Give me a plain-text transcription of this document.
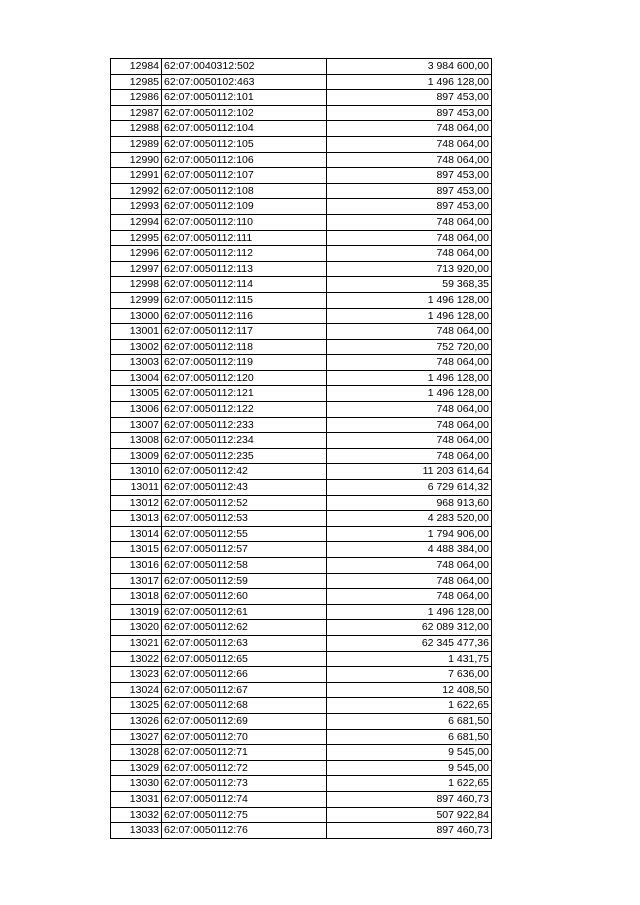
12984	62:07:0040312:502	3 984 600,00
12985	62:07:0050102:463	1 496 128,00
12986	62:07:0050112:101	897 453,00
12987	62:07:0050112:102	897 453,00
12988	62:07:0050112:104	748 064,00
12989	62:07:0050112:105	748 064,00
12990	62:07:0050112:106	748 064,00
12991	62:07:0050112:107	897 453,00
12992	62:07:0050112:108	897 453,00
12993	62:07:0050112:109	897 453,00
12994	62:07:0050112:110	748 064,00
12995	62:07:0050112:111	748 064,00
12996	62:07:0050112:112	748 064,00
12997	62:07:0050112:113	713 920,00
12998	62:07:0050112:114	59 368,35
12999	62:07:0050112:115	1 496 128,00
13000	62:07:0050112:116	1 496 128,00
13001	62:07:0050112:117	748 064,00
13002	62:07:0050112:118	752 720,00
13003	62:07:0050112:119	748 064,00
13004	62:07:0050112:120	1 496 128,00
13005	62:07:0050112:121	1 496 128,00
13006	62:07:0050112:122	748 064,00
13007	62:07:0050112:233	748 064,00
13008	62:07:0050112:234	748 064,00
13009	62:07:0050112:235	748 064,00
13010	62:07:0050112:42	11 203 614,64
13011	62:07:0050112:43	6 729 614,32
13012	62:07:0050112:52	968 913,60
13013	62:07:0050112:53	4 283 520,00
13014	62:07:0050112:55	1 794 906,00
13015	62:07:0050112:57	4 488 384,00
13016	62:07:0050112:58	748 064,00
13017	62:07:0050112:59	748 064,00
13018	62:07:0050112:60	748 064,00
13019	62:07:0050112:61	1 496 128,00
13020	62:07:0050112:62	62 089 312,00
13021	62:07:0050112:63	62 345 477,36
13022	62:07:0050112:65	1 431,75
13023	62:07:0050112:66	7 636,00
13024	62:07:0050112:67	12 408,50
13025	62:07:0050112:68	1 622,65
13026	62:07:0050112:69	6 681,50
13027	62:07:0050112:70	6 681,50
13028	62:07:0050112:71	9 545,00
13029	62:07:0050112:72	9 545,00
13030	62:07:0050112:73	1 622,65
13031	62:07:0050112:74	897 460,73
13032	62:07:0050112:75	507 922,84
13033	62:07:0050112:76	897 460,73
